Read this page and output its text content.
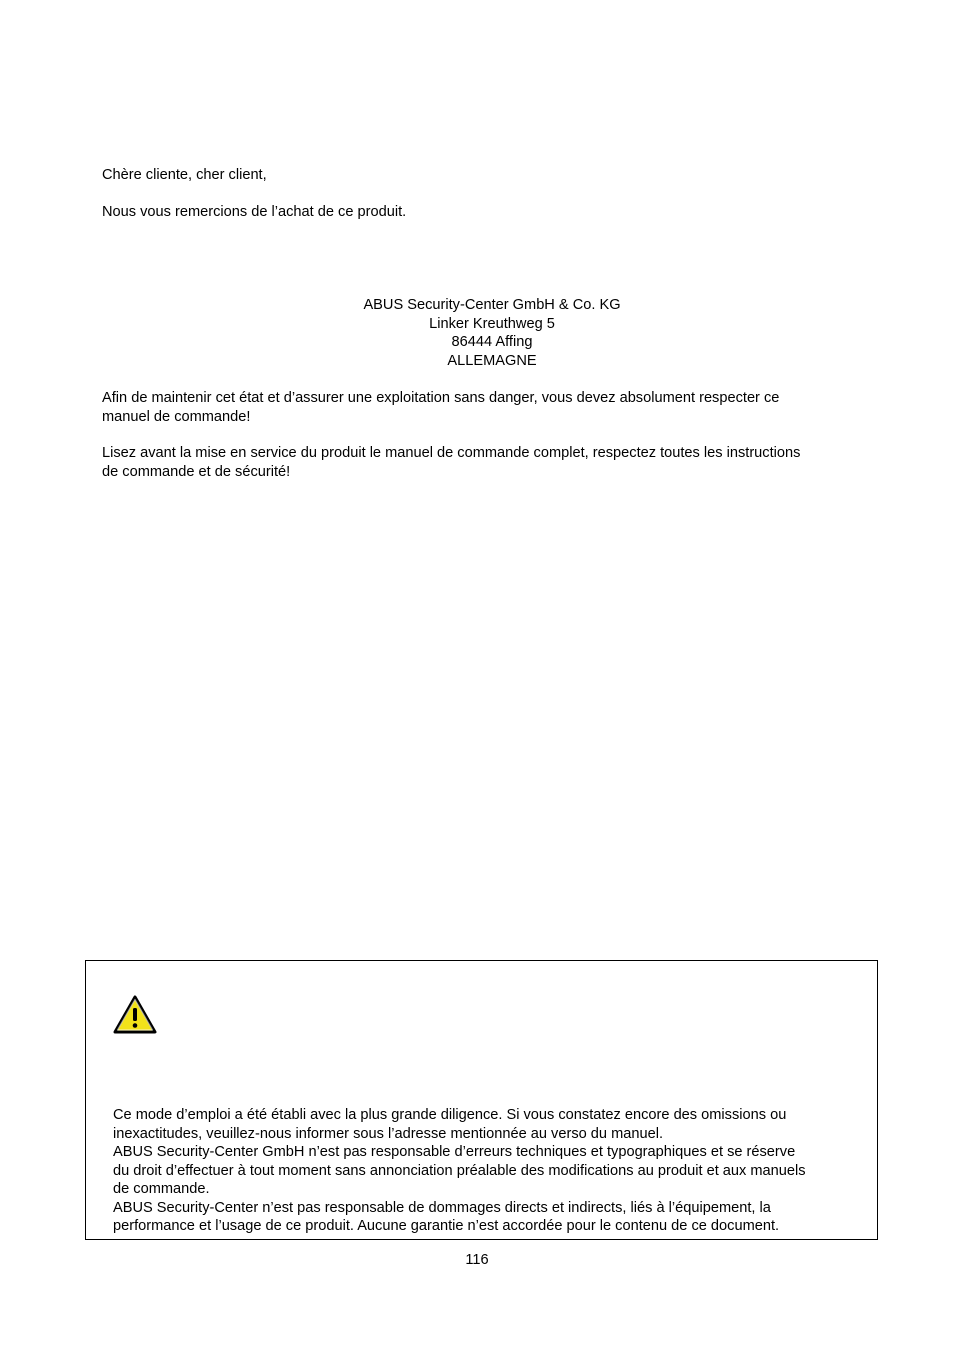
Chère cliente, cher client,

Nous vous remercions de l’achat de ce produit.

ABUS Security-Center GmbH & Co. KG
Linker Kreuthweg 5
86444 Affing
ALLEMAGNE

Afin de maintenir cet état et d’assurer une exploitation sans danger, vous devez absolument respecter ce
manuel de commande!

Lisez avant la mise en service du produit le manuel de commande complet, respectez toutes les instructions
de commande et de sécurité!

Ce mode d’emploi a été établi avec la plus grande diligence. Si vous constatez encore des omissions ou
inexactitudes, veuillez-nous informer sous l’adresse mentionnée au verso du manuel.
ABUS Security-Center GmbH n’est pas responsable d’erreurs techniques et typographiques et se réserve
du droit d’effectuer à tout moment sans annonciation préalable des modifications au produit et aux manuels
de commande.
ABUS Security-Center n’est pas responsable de dommages directs et indirects, liés à l’équipement, la
performance et l’usage de ce produit. Aucune garantie n’est accordée pour le contenu de ce document.

116
